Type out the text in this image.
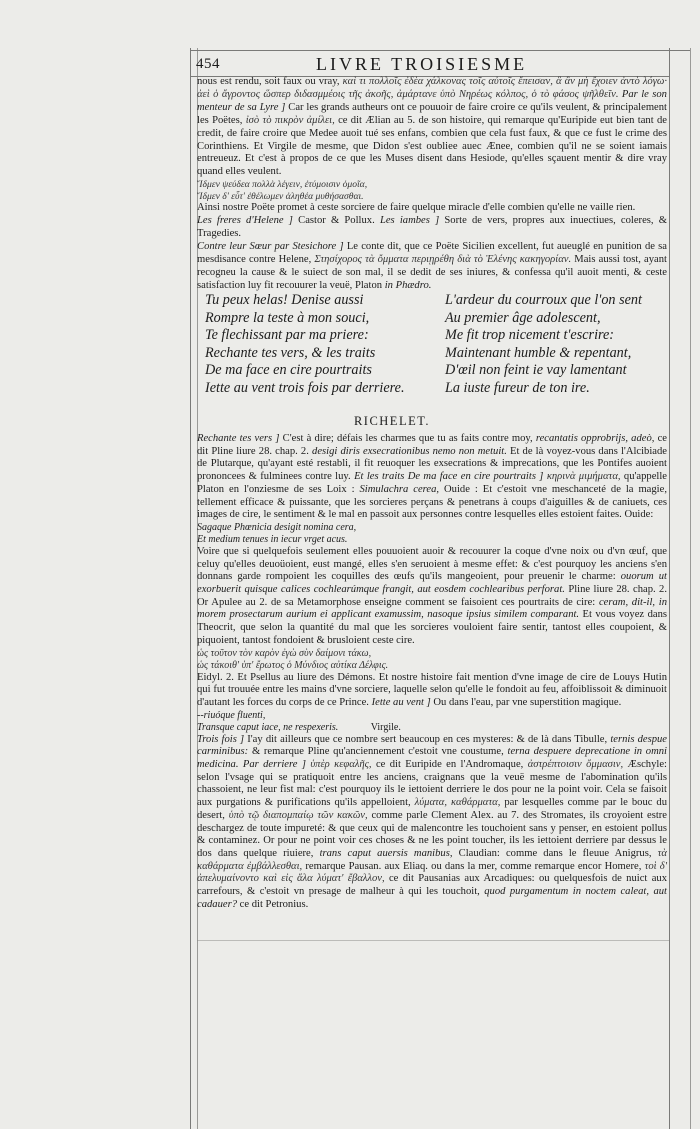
454	LIVRE TROISIESME

nous est rendu, soit faux ou vray, καὶ τι πολλοῖς ἐδὲα χάλκονας τοῖς αὐτοῖς ἔπεισαν, ἃ ἂν μὴ ἔχοιεν ἀντὸ λόγω· ἀεὶ ὁ ἄγροντος ὥσπερ διδασμμέοις τῆς ἀκοῆς, ἀμάρτανε ὑπὸ Νηρέως κόλπος, ὁ τὸ φάσος ψῆλθεῖν. Par le son menteur de sa Lyre ] Car les grands autheurs ont ce pouuoir de faire croire ce qu'ils veulent, & principalement les Poëtes, ἰσὸ τὸ πικρὸν ἀμίλει, ce dit Ælian au 5. de son histoire, qui remarque qu'Euripide eut bien tant de credit, de faire croire que Medee auoit tué ses enfans, combien que cela fust faux, & que ce fust le crime des Corinthiens. Et Virgile de mesme, que Didon s'est oubliee auec Ænee, combien qu'il ne se soient iamais entreueuz. Et c'est à propos de ce que les Muses disent dans Hesiode, qu'elles sçauent mentir & dire vray quand elles veulent.

Ἴδμεν ψεύδεα πολλὰ λέγειν, ἐτύμοισιν ὁμοῖα,
Ἴδμεν δ' εὖτ' ἐθέλωμεν ἀληθέα μυθήσασθαι.

Ainsi nostre Poëte promet à ceste sorciere de faire quelque miracle d'elle combien qu'elle ne vaille rien.

Les freres d'Helene ] Castor & Pollux. Les iambes ] Sorte de vers, propres aux inuectiues, coleres, & Tragedies.

Contre leur Sœur par Stesichore ] Le conte dit, que ce Poëte Sicilien excellent, fut aueuglé en punition de sa mesdisance contre Helene, Στησίχορος τὰ ὄμματα περιῃρέθη διὰ τὸ Ἑλένης κακηγορίαν. Mais aussi tost, ayant recogneu la cause & le suiect de son mal, il se dedit de ses iniures, & confessa qu'il auoit menti, & ceste satisfaction luy fit recouurer la veuë, Platon in Phædro.

Tu peux helas! Denise aussi
Rompre la teste à mon souci,
Te flechissant par ma priere:
Rechante tes vers, & les traits
De ma face en cire pourtraits
Iette au vent trois fois par derriere.
L'ardeur du courroux que l'on sent
Au premier âge adolescent,
Me fit trop nicement t'escrire:
Maintenant humble & repentant,
D'œil non feint ie vay lamentant
La iuste fureur de ton ire.
RICHELET.

Rechante tes vers ] C'est à dire; défais les charmes que tu as faits contre moy, recantatis opprobrijs, adeò, ce dit Pline liure 28. chap. 2. desigi diris exsecrationibus nemo non metuit. Et de là voyez-vous dans l'Alcibiade de Plutarque, qu'ayant esté restabli, il fit reuoquer les exsecrations & imprecations, que les Pontifes auoient prononcees & fulminees contre luy. Et les traits De ma face en cire pourtraits ] κηρινὰ μιμήματα, qu'appelle Platon en l'onziesme de ses Loix : Simulachra cerea, Ouide : Et c'estoit vne meschanceté de la magie, tellement efficace & puissante, que les sorcieres perçans & penetrans à coups d'aiguilles & de caniuets, ces images de cire, le sentiment & le mal en passoit aux personnes contre lesquelles elles estoient faites. Ouide:

Sagaque Phœnicia desigit nomina cera,
Et medium tenues in iecur vrget acus.

Voire que si quelquefois seulement elles pouuoient auoir & recouurer la coque d'vne noix ou d'vn œuf, que celuy qu'elles deuoüoient, eust mangé, elles s'en seruoient à mesme effet: & c'est pourquoy les anciens s'en donnans garde rompoient les coquilles des œufs qu'ils mangeoient, pour preuenir le charme: ouorum ut exorbuerit quisque calices cochlearúmque frangit, aut eosdem cochlearibus perforat. Pline liure 28. chap. 2. Or Apulee au 2. de sa Metamorphose enseigne comment se faisoient ces pourtraits de cire: ceram, dit-il, in morem prosectarum aurium ei applicant examussim, nasoque ipsius similem comparant. Et vous voyez dans Theocrit, que selon la quantité du mal que les sorcieres vouloient faire sentir, tantost elles coupoient, & piquoient, tantost fondoient & brusloient ceste cire.

ὡς τοῦτον τὸν καρὸν ἐγὼ σὺν δαίμονι τάκω,
ὡς τάκοιθ' ὑπ' ἔρωτος ὁ Μύνδιος αὐτίκα Δέλφις.

Eidyl. 2. Et Psellus au liure des Démons. Et nostre histoire fait mention d'vne image de cire de Louys Hutin qui fut trouuée entre les mains d'vne sorciere, laquelle selon qu'elle le fondoit au feu, affoiblissoit & diminuoit d'autant les forces du corps de ce Prince. Iette au vent ] Ou dans l'eau, par vne superstition magique.

--riuóque fluenti,
Transque caput iace, ne respexeris.	Virgile.

Trois fois ] I'ay dit ailleurs que ce nombre sert beaucoup en ces mysteres: & de là dans Tibulle, ternis despue carminibus: & remarque Pline qu'anciennement c'estoit vne coustume, terna despuere deprecatione in omni medicina. Par derriere ] ὑπὲρ κεφαλῆς, ce dit Euripide en l'Andromaque, ἀστρέπτοισιν ὄμμασιν, Æschyle: selon l'vsage qui se pratiquoit entre les anciens, craignans que la veuë mesme de l'abomination qu'ils chassoient, ne leur fist mal: c'est pourquoy ils le iettoient derriere le dos pour ne la point voir. Cela se faisoit aux purgations & purifications qu'ils appelloient, λύματα, καθάρματα, par lesquelles comme par le bouc du desert, ὑπὸ τῷ διαπομπαίῳ τῶν κακῶν, comme parle Clement Alex. au 7. des Stromates, ils croyoient estre deschargez de toute impureté: & que ceux qui de malencontre les touchoient sans y penser, en estoient pollus & contaminez. Or pour ne point voir ces choses & ne les point toucher, ils les iettoient derriere par dessus le dos dans quelque riuiere, trans caput auersis manibus, Claudian: comme dans le fleuue Anigrus, τὰ καθάρματα ἐμβάλλεσθαι, remarque Pausan. aux Eliaq. ou dans la mer, comme remarque encor Homere, τοὶ δ' ἀπελυμαίνοντο καὶ εἰς ἅλα λύματ' ἔβαλλον, ce dit Pausanias aux Arcadiques: ou quelquesfois de nuict aux carrefours, & c'estoit vn presage de malheur à qui les touchoit, quod purgamentum in noctem caleat, aut cadauer? ce dit Petronius.
